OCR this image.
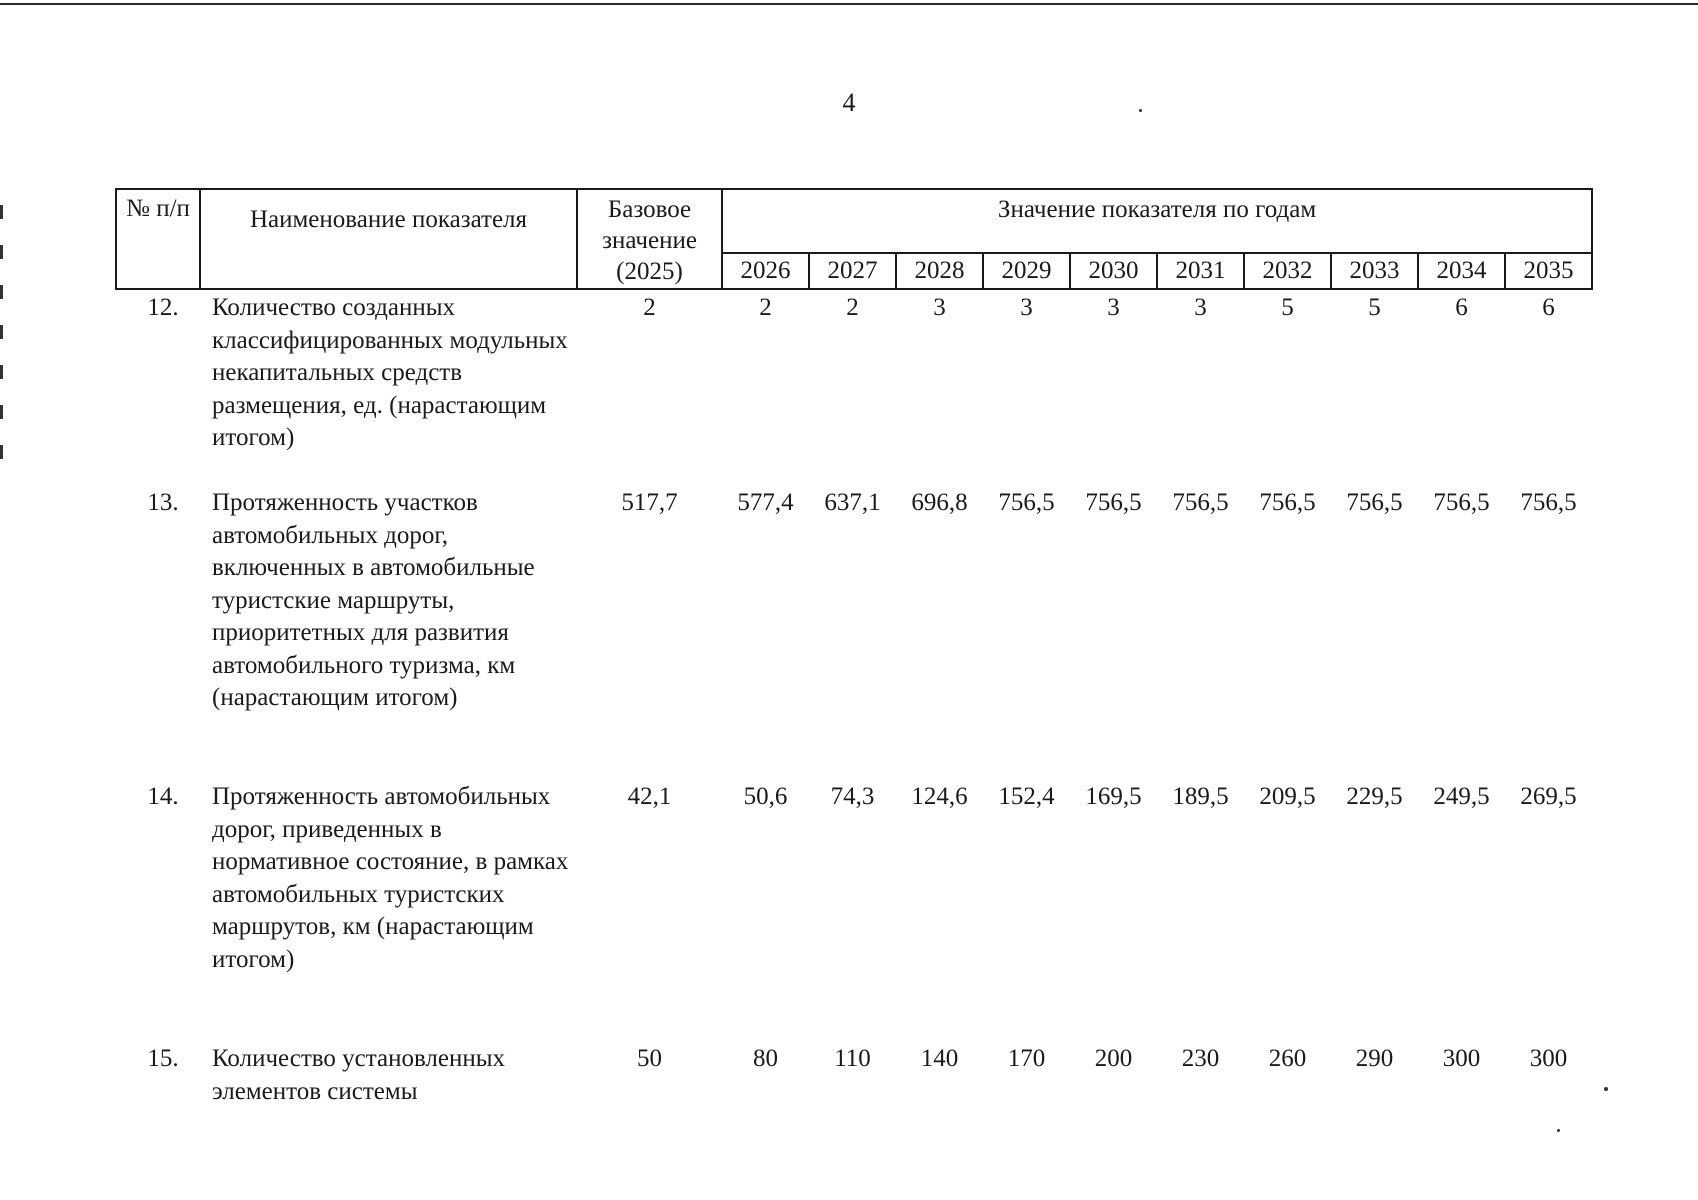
4
№ п/п	Наименование показателя	Базовое значение (2025)	Значение показателя по годам									
			2026	2027	2028	2029	2030	2031	2032	2033	2034	2035
12.	Количество созданных классифицированных модульных некапитальных средств размещения, ед. (нарастающим итогом)	2	2	2	3	3	3	3	5	5	6	6
13.	Протяженность участков автомобильных дорог, включенных в автомобильные туристские маршруты, приоритетных для развития автомобильного туризма, км (нарастающим итогом)	517,7	577,4	637,1	696,8	756,5	756,5	756,5	756,5	756,5	756,5	756,5
14.	Протяженность автомобильных дорог, приведенных в нормативное состояние, в рамках автомобильных туристских маршрутов, км (нарастающим итогом)	42,1	50,6	74,3	124,6	152,4	169,5	189,5	209,5	229,5	249,5	269,5
15.	Количество установленных элементов системы	50	80	110	140	170	200	230	260	290	300	300
